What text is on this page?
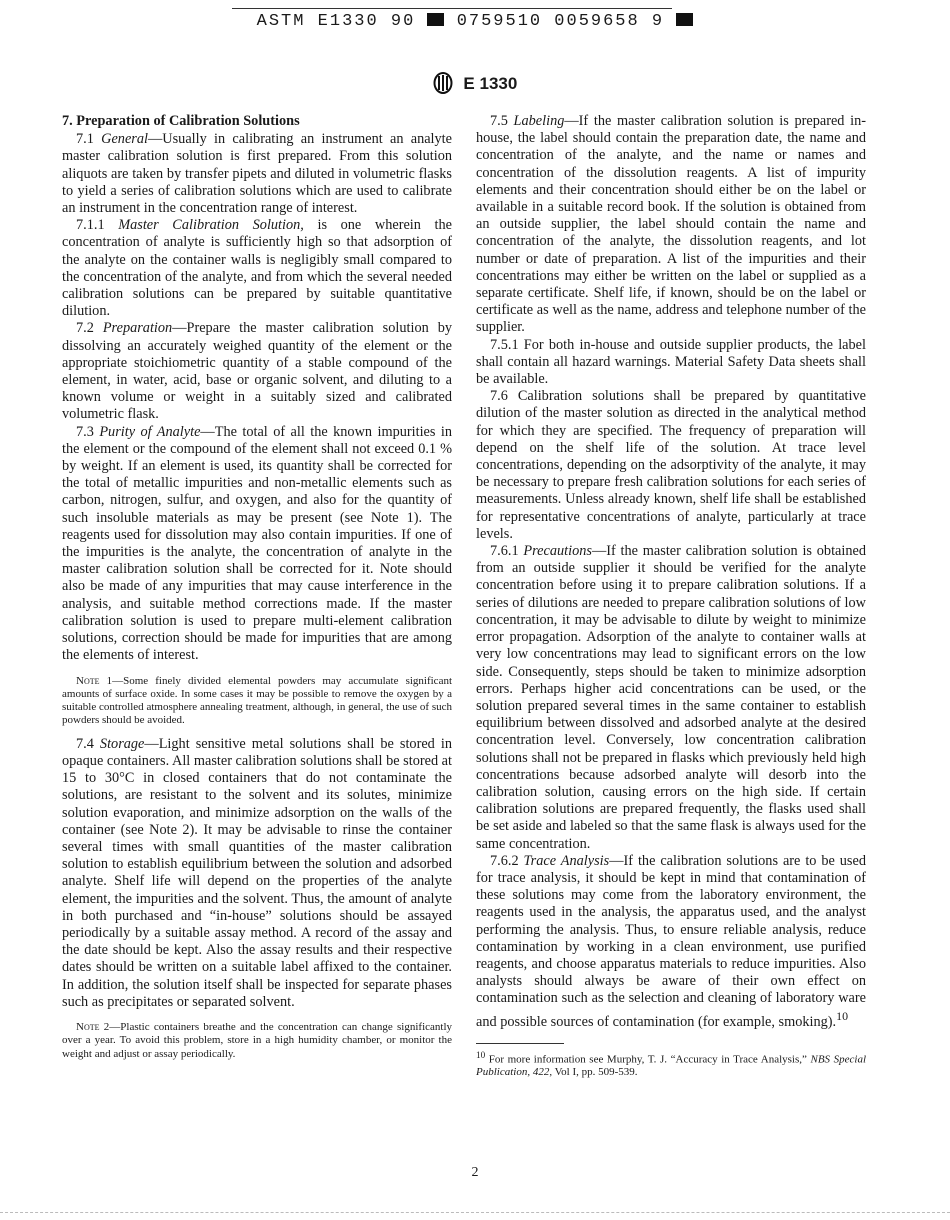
ASTM E1330 90 0759510 0059658 9
E 1330
7. Preparation of Calibration Solutions

7.1 General—Usually in calibrating an instrument an analyte master calibration solution is first prepared. From this solution aliquots are taken by transfer pipets and diluted in volumetric flasks to yield a series of calibration solutions which are used to calibrate an instrument in the concentration range of interest.

7.1.1 Master Calibration Solution, is one wherein the concentration of analyte is sufficiently high so that adsorption of the analyte on the container walls is negligibly small compared to the concentration of the analyte, and from which the several needed calibration solutions can be prepared by suitable quantitative dilution.

7.2 Preparation—Prepare the master calibration solution by dissolving an accurately weighed quantity of the element or the appropriate stoichiometric quantity of a stable compound of the element, in water, acid, base or organic solvent, and diluting to a known volume or weight in a suitably sized and calibrated volumetric flask.

7.3 Purity of Analyte—The total of all the known impurities in the element or the compound of the element shall not exceed 0.1 % by weight. If an element is used, its quantity shall be corrected for the total of metallic impurities and non-metallic elements such as carbon, nitrogen, sulfur, and oxygen, and also for the quantity of such insoluble materials as may be present (see Note 1). The reagents used for dissolution may also contain impurities. If one of the impurities is the analyte, the concentration of analyte in the master calibration solution shall be corrected for it. Note should also be made of any impurities that may cause interference in the analysis, and suitable method corrections made. If the master calibration solution is used to prepare multi-element calibration solutions, correction should be made for impurities that are among the elements of interest.

Note 1—Some finely divided elemental powders may accumulate significant amounts of surface oxide. In some cases it may be possible to remove the oxygen by a suitable controlled atmosphere annealing treatment, although, in general, the use of such powders should be avoided.

7.4 Storage—Light sensitive metal solutions shall be stored in opaque containers. All master calibration solutions shall be stored at 15 to 30°C in closed containers that do not contaminate the solutions, are resistant to the solvent and its solutes, minimize solution evaporation, and minimize adsorption on the walls of the container (see Note 2). It may be advisable to rinse the container several times with small quantities of the master calibration solution to establish equilibrium between the solution and adsorbed analyte. Shelf life will depend on the properties of the analyte element, the impurities and the solvent. Thus, the amount of analyte in both purchased and “in-house” solutions should be assayed periodically by a suitable assay method. A record of the assay and the date should be kept. Also the assay results and their respective dates should be written on a suitable label affixed to the container. In addition, the solution itself shall be inspected for separate phases such as precipitates or separated solvent.

Note 2—Plastic containers breathe and the concentration can change significantly over a year. To avoid this problem, store in a high humidity chamber, or monitor the weight and adjust or assay periodically.

7.5 Labeling—If the master calibration solution is prepared in-house, the label should contain the preparation date, the name and concentration of the analyte, and the name or names and concentration of the dissolution reagents. A list of impurity elements and their concentration should either be on the label or available in a suitable record book. If the solution is obtained from an outside supplier, the label should contain the name and concentration of the analyte, the dissolution reagents, and lot number or date of preparation. A list of the impurities and their concentrations may either be written on the label or supplied as a separate certificate. Shelf life, if known, should be on the label or certificate as well as the name, address and telephone number of the supplier.

7.5.1 For both in-house and outside supplier products, the label shall contain all hazard warnings. Material Safety Data sheets shall be available.

7.6 Calibration solutions shall be prepared by quantitative dilution of the master solution as directed in the analytical method for which they are specified. The frequency of preparation will depend on the shelf life of the solution. At trace level concentrations, depending on the adsorptivity of the analyte, it may be necessary to prepare fresh calibration solutions for each series of measurements. Unless already known, shelf life shall be established for representative concentrations of analyte, particularly at trace levels.

7.6.1 Precautions—If the master calibration solution is obtained from an outside supplier it should be verified for the analyte concentration before using it to prepare calibration solutions. If a series of dilutions are needed to prepare calibration solutions of low concentration, it may be advisable to dilute by weight to minimize error propagation. Adsorption of the analyte to container walls at very low concentrations may lead to significant errors on the low side. Consequently, steps should be taken to minimize adsorption errors. Perhaps higher acid concentrations can be used, or the solution prepared several times in the same container to establish equilibrium between dissolved and adsorbed analyte at the desired concentration level. Conversely, low concentration calibration solutions shall not be prepared in flasks which previously held high concentrations because adsorbed analyte will desorb into the calibration solution, causing errors on the high side. If certain calibration solutions are prepared frequently, the flasks used shall be set aside and labeled so that the same flask is always used for the same concentration.

7.6.2 Trace Analysis—If the calibration solutions are to be used for trace analysis, it should be kept in mind that contamination of these solutions may come from the laboratory environment, the reagents used in the analysis, the apparatus used, and the analyst performing the analysis. Thus, to ensure reliable analysis, reduce contamination by working in a clean environment, use purified reagents, and choose apparatus materials to reduce impurities. Also analysts should always be aware of their own effect on contamination such as the selection and cleaning of laboratory ware and possible sources of contamination (for example, smoking).$^{10}$

$^{10}$ For more information see Murphy, T. J. “Accuracy in Trace Analysis,” NBS Special Publication, 422, Vol I, pp. 509-539.
2
